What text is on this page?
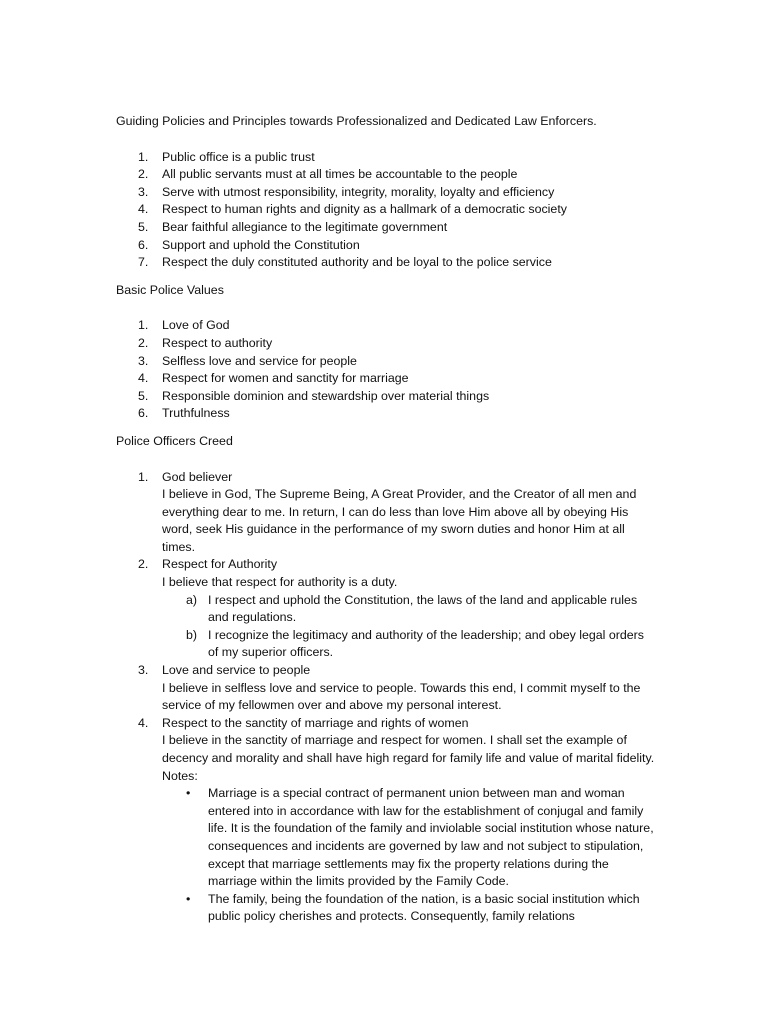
Guiding Policies and Principles towards Professionalized and Dedicated Law Enforcers.

1.	Public office is a public trust
2.	All public servants must at all times be accountable to the people
3.	Serve with utmost responsibility, integrity, morality, loyalty and efficiency
4.	Respect to human rights and dignity as a hallmark of a democratic society
5.	Bear faithful allegiance to the legitimate government
6.	Support and uphold the Constitution
7.	Respect the duly constituted authority and be loyal to the police service

Basic Police Values

1.	Love of God
2.	Respect to authority
3.	Selfless love and service for people
4.	Respect for women and sanctity for marriage
5.	Responsible dominion and stewardship over material things
6.	Truthfulness

Police Officers Creed

1.	God believer
I believe in God, The Supreme Being, A Great Provider, and the Creator of all men and everything dear to me. In return, I can do less than love Him above all by obeying His word, seek His guidance in the performance of my sworn duties and honor Him at all times.
2.	Respect for Authority
I believe that respect for authority is a duty.
a) I respect and uphold the Constitution, the laws of the land and applicable rules and regulations.
b) I recognize the legitimacy and authority of the leadership; and obey legal orders of my superior officers.
3.	Love and service to people
I believe in selfless love and service to people. Towards this end, I commit myself to the service of my fellowmen over and above my personal interest.
4.	Respect to the sanctity of marriage and rights of women
I believe in the sanctity of marriage and respect for women. I shall set the example of decency and morality and shall have high regard for family life and value of marital fidelity.
Notes:
• Marriage is a special contract of permanent union between man and woman entered into in accordance with law for the establishment of conjugal and family life. It is the foundation of the family and inviolable social institution whose nature, consequences and incidents are governed by law and not subject to stipulation, except that marriage settlements may fix the property relations during the marriage within the limits provided by the Family Code.
• The family, being the foundation of the nation, is a basic social institution which public policy cherishes and protects. Consequently, family relations
